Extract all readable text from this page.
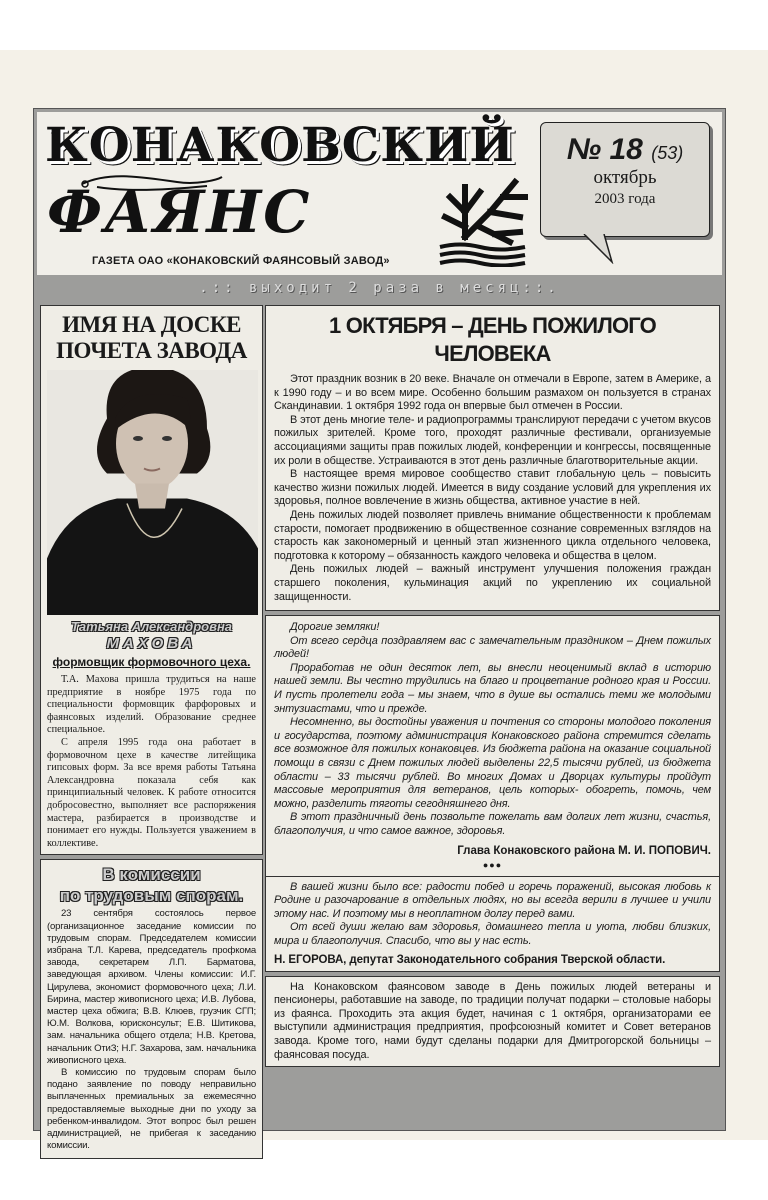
КОНАКОВСКИЙ
ФАЯНС
ГАЗЕТА ОАО «КОНАКОВСКИЙ ФАЯНСОВЫЙ ЗАВОД»
№ 18 (53)
октябрь
2003 года
.:: выходит 2 раза в месяц::.
ИМЯ НА ДОСКЕ ПОЧЕТА ЗАВОДА
Татьяна Александровна
МАХОВА
формовщик формовочного цеха.

Т.А. Махова пришла трудиться на наше предприятие в ноябре 1975 года по специальности формовщик фарфоровых и фаянсовых изделий. Образование среднее специальное.

С апреля 1995 года она работает в формовочном цехе в качестве литейщика гипсовых форм. За все время работы Татьяна Александровна показала себя как принципиальный человек. К работе относится добросовестно, выполняет все распоряжения мастера, разбирается в производстве и понимает его нужды. Пользуется уважением в коллективе.

В комиссии
по трудовым спорам.

23 сентября состоялось первое (организационное заседание комиссии по трудовым спорам. Председателем комиссии избрана Т.Л. Карева, председатель профкома завода, секретарем Л.П. Барматова, заведующая архивом. Члены комиссии: И.Г. Цирулева, экономист формовочного цеха; Л.И. Бирина, мастер живописного цеха; И.В. Лубова, мастер цеха обжига; В.В. Клюев, грузчик СГП; Ю.М. Волкова, юрисконсульт; Е.В. Шитикова, зам. начальника общего отдела; Н.В. Кретова, начальник ОтиЗ; Н.Г. Захарова, зам. начальника живописного цеха.

В комиссию по трудовым спорам было подано заявление по поводу неправильно выплаченных премиальных за ежемесячно предоставляемые выходные дни по уходу за ребенком-инвалидом. Этот вопрос был решен администрацией, не прибегая к заседанию комиссии.

1 ОКТЯБРЯ – ДЕНЬ ПОЖИЛОГО ЧЕЛОВЕКА

Этот праздник возник в 20 веке. Вначале он отмечали в Европе, затем в Америке, а к 1990 году – и во всем мире. Особенно большим размахом он пользуется в странах Скандинавии. 1 октября 1992 года он впервые был отмечен в России.

В этот день многие теле- и радиопрограммы транслируют передачи с учетом вкусов пожилых зрителей. Кроме того, проходят различные фестивали, организуемые ассоциациями защиты прав пожилых людей, конференции и конгрессы, посвященные их роли в обществе. Устраиваются в этот день различные благотворительные акции.

В настоящее время мировое сообщество ставит глобальную цель – повысить качество жизни пожилых людей. Имеется в виду создание условий для укрепления их здоровья, полное вовлечение в жизнь общества, активное участие в ней.

День пожилых людей позволяет привлечь внимание общественности к проблемам старости, помогает продвижению в общественное сознание современных взглядов на старость как закономерный и ценный этап жизненного цикла отдельного человека, подготовка к которому – обязанность каждого человека и общества в целом.

День пожилых людей – важный инструмент улучшения положения граждан старшего поколения, кульминация акций по укреплению их социальной защищенности.

Дорогие земляки!

От всего сердца поздравляем вас с замечательным праздником – Днем пожилых людей!

Проработав не один десяток лет, вы внесли неоценимый вклад в историю нашей земли. Вы честно трудились на благо и процветание родного края и России. И пусть пролетели года – мы знаем, что в душе вы остались теми же молодыми энтузиастами, что и прежде.

Несомненно, вы достойны уважения и почтения со стороны молодого поколения и государства, поэтому администрация Конаковского района стремится сделать все возможное для пожилых конаковцев. Из бюджета района на оказание социальной помощи в связи с Днем пожилых людей выделены 22,5 тысячи рублей, из бюджета области – 33 тысячи рублей. Во многих Домах и Дворцах культуры пройдут массовые мероприятия для ветеранов, цель которых- обогреть, помочь, чем можно, разделить тяготы сегодняшнего дня.

В этот праздничный день позвольте пожелать вам долгих лет жизни, счастья, благополучия, и что самое важное, здоровья.

Глава Конаковского района М. И. ПОПОВИЧ.
●●●

В вашей жизни было все: радости побед и горечь поражений, высокая любовь к Родине и разочарование в отдельных людях, но вы всегда верили в лучшее и учили этому нас. И поэтому мы в неоплатном долгу перед вами.

От всей души желаю вам здоровья, домашнего тепла и уюта, любви близких, мира и благополучия. Спасибо, что вы у нас есть.

Н. ЕГОРОВА, депутат Законодательного собрания Тверской области.

На Конаковском фаянсовом заводе в День пожилых людей ветераны и пенсионеры, работавшие на заводе, по традиции получат подарки – столовые наборы из фаянса. Проходить эта акция будет, начиная с 1 октября, организаторами ее выступили администрация предприятия, профсоюзный комитет и Совет ветеранов завода. Кроме того, нами будут сделаны подарки для Дмитрогорской больницы – фаянсовая посуда.
